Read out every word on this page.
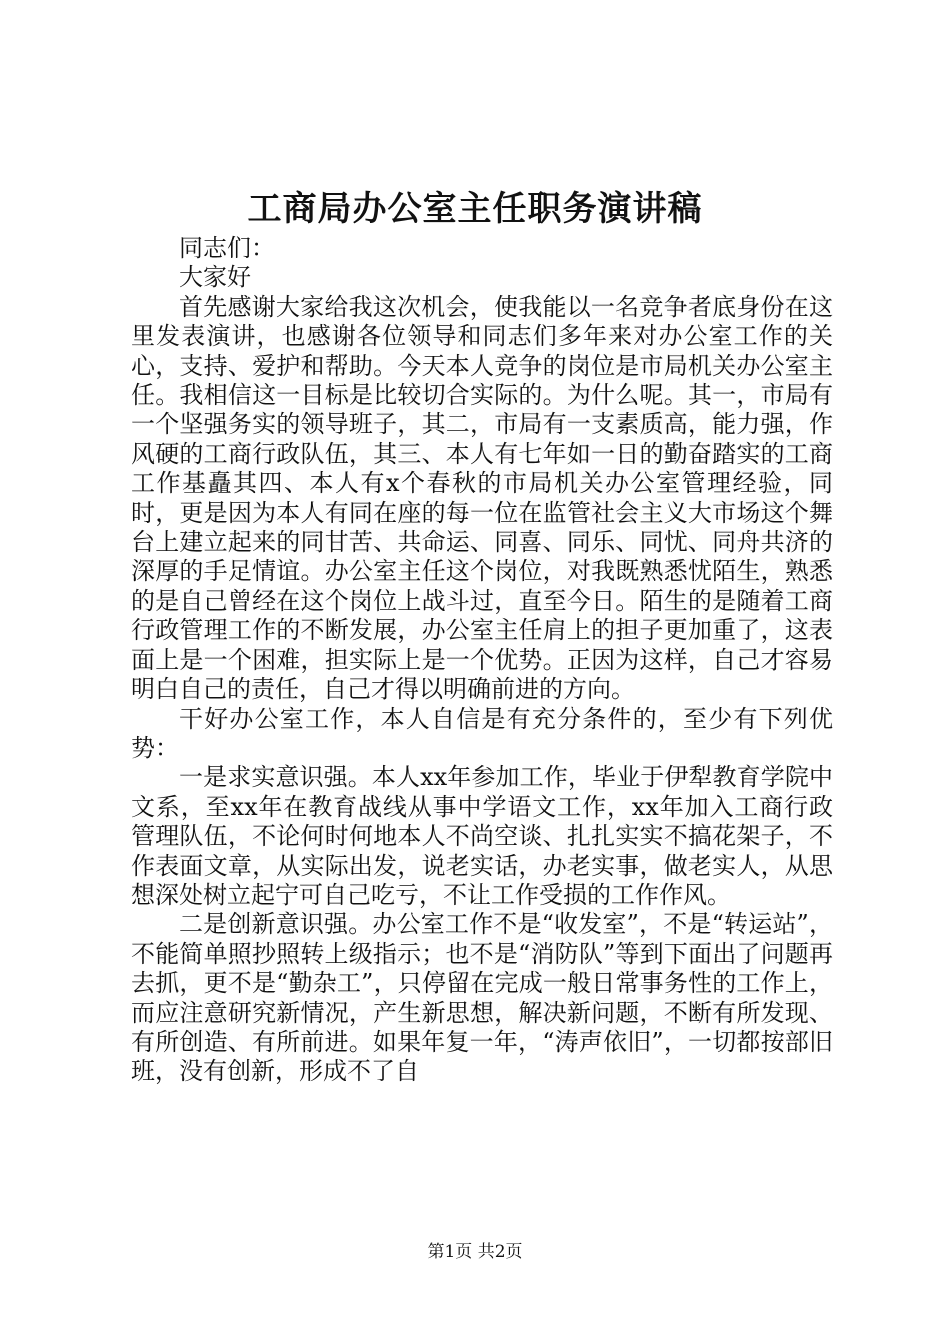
工商局办公室主任职务演讲稿

同志们：

大家好

首先感谢大家给我这次机会，使我能以一名竞争者底身份在这里发表演讲，也感谢各位领导和同志们多年来对办公室工作的关心，支持、爱护和帮助。今天本人竞争的岗位是市局机关办公室主任。我相信这一目标是比较切合实际的。为什么呢。其一，市局有一个坚强务实的领导班子，其二，市局有一支素质高，能力强，作风硬的工商行政队伍，其三、本人有七年如一日的勤奋踏实的工商工作基矗其四、本人有x个春秋的市局机关办公室管理经验，同时，更是因为本人有同在座的每一位在监管社会主义大市场这个舞台上建立起来的同甘苦、共命运、同喜、同乐、同忧、同舟共济的深厚的手足情谊。办公室主任这个岗位，对我既熟悉忧陌生，熟悉的是自己曾经在这个岗位上战斗过，直至今日。陌生的是随着工商行政管理工作的不断发展，办公室主任肩上的担子更加重了，这表面上是一个困难，担实际上是一个优势。正因为这样，自己才容易明白自己的责任，自己才得以明确前进的方向。

干好办公室工作，本人自信是有充分条件的，至少有下列优势：

一是求实意识强。本人xx年参加工作，毕业于伊犁教育学院中文系，至xx年在教育战线从事中学语文工作，xx年加入工商行政管理队伍，不论何时何地本人不尚空谈、扎扎实实不搞花架子，不作表面文章，从实际出发，说老实话，办老实事，做老实人，从思想深处树立起宁可自己吃亏，不让工作受损的工作作风。

二是创新意识强。办公室工作不是“收发室”，不是“转运站”，不能简单照抄照转上级指示；也不是“消防队”等到下面出了问题再去抓，更不是“勤杂工”，只停留在完成一般日常事务性的工作上，而应注意研究新情况，产生新思想，解决新问题，不断有所发现、有所创造、有所前进。如果年复一年，“涛声依旧”，一切都按部旧班，没有创新，形成不了自

第1页 共2页
